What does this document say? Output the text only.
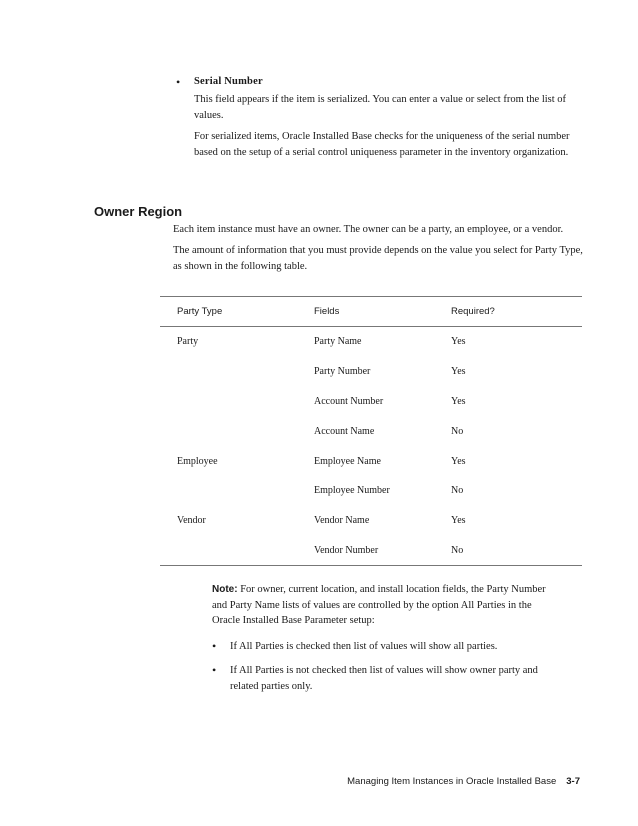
• Serial Number

This field appears if the item is serialized. You can enter a value or select from the list of values.

For serialized items, Oracle Installed Base checks for the uniqueness of the serial number based on the setup of a serial control uniqueness parameter in the inventory organization.

Owner Region

Each item instance must have an owner. The owner can be a party, an employee, or a vendor.

The amount of information that you must provide depends on the value you select for Party Type, as shown in the following table.

Party Type	Fields	Required?
Party	Party Name	Yes
	Party Number	Yes
	Account Number	Yes
	Account Name	No
Employee	Employee Name	Yes
	Employee Number	No
Vendor	Vendor Name	Yes
	Vendor Number	No

Note: For owner, current location, and install location fields, the Party Number and Party Name lists of values are controlled by the option All Parties in the Oracle Installed Base Parameter setup:

• If All Parties is checked then list of values will show all parties.
• If All Parties is not checked then list of values will show owner party and related parties only.
Managing Item Instances in Oracle Installed Base 3-7
